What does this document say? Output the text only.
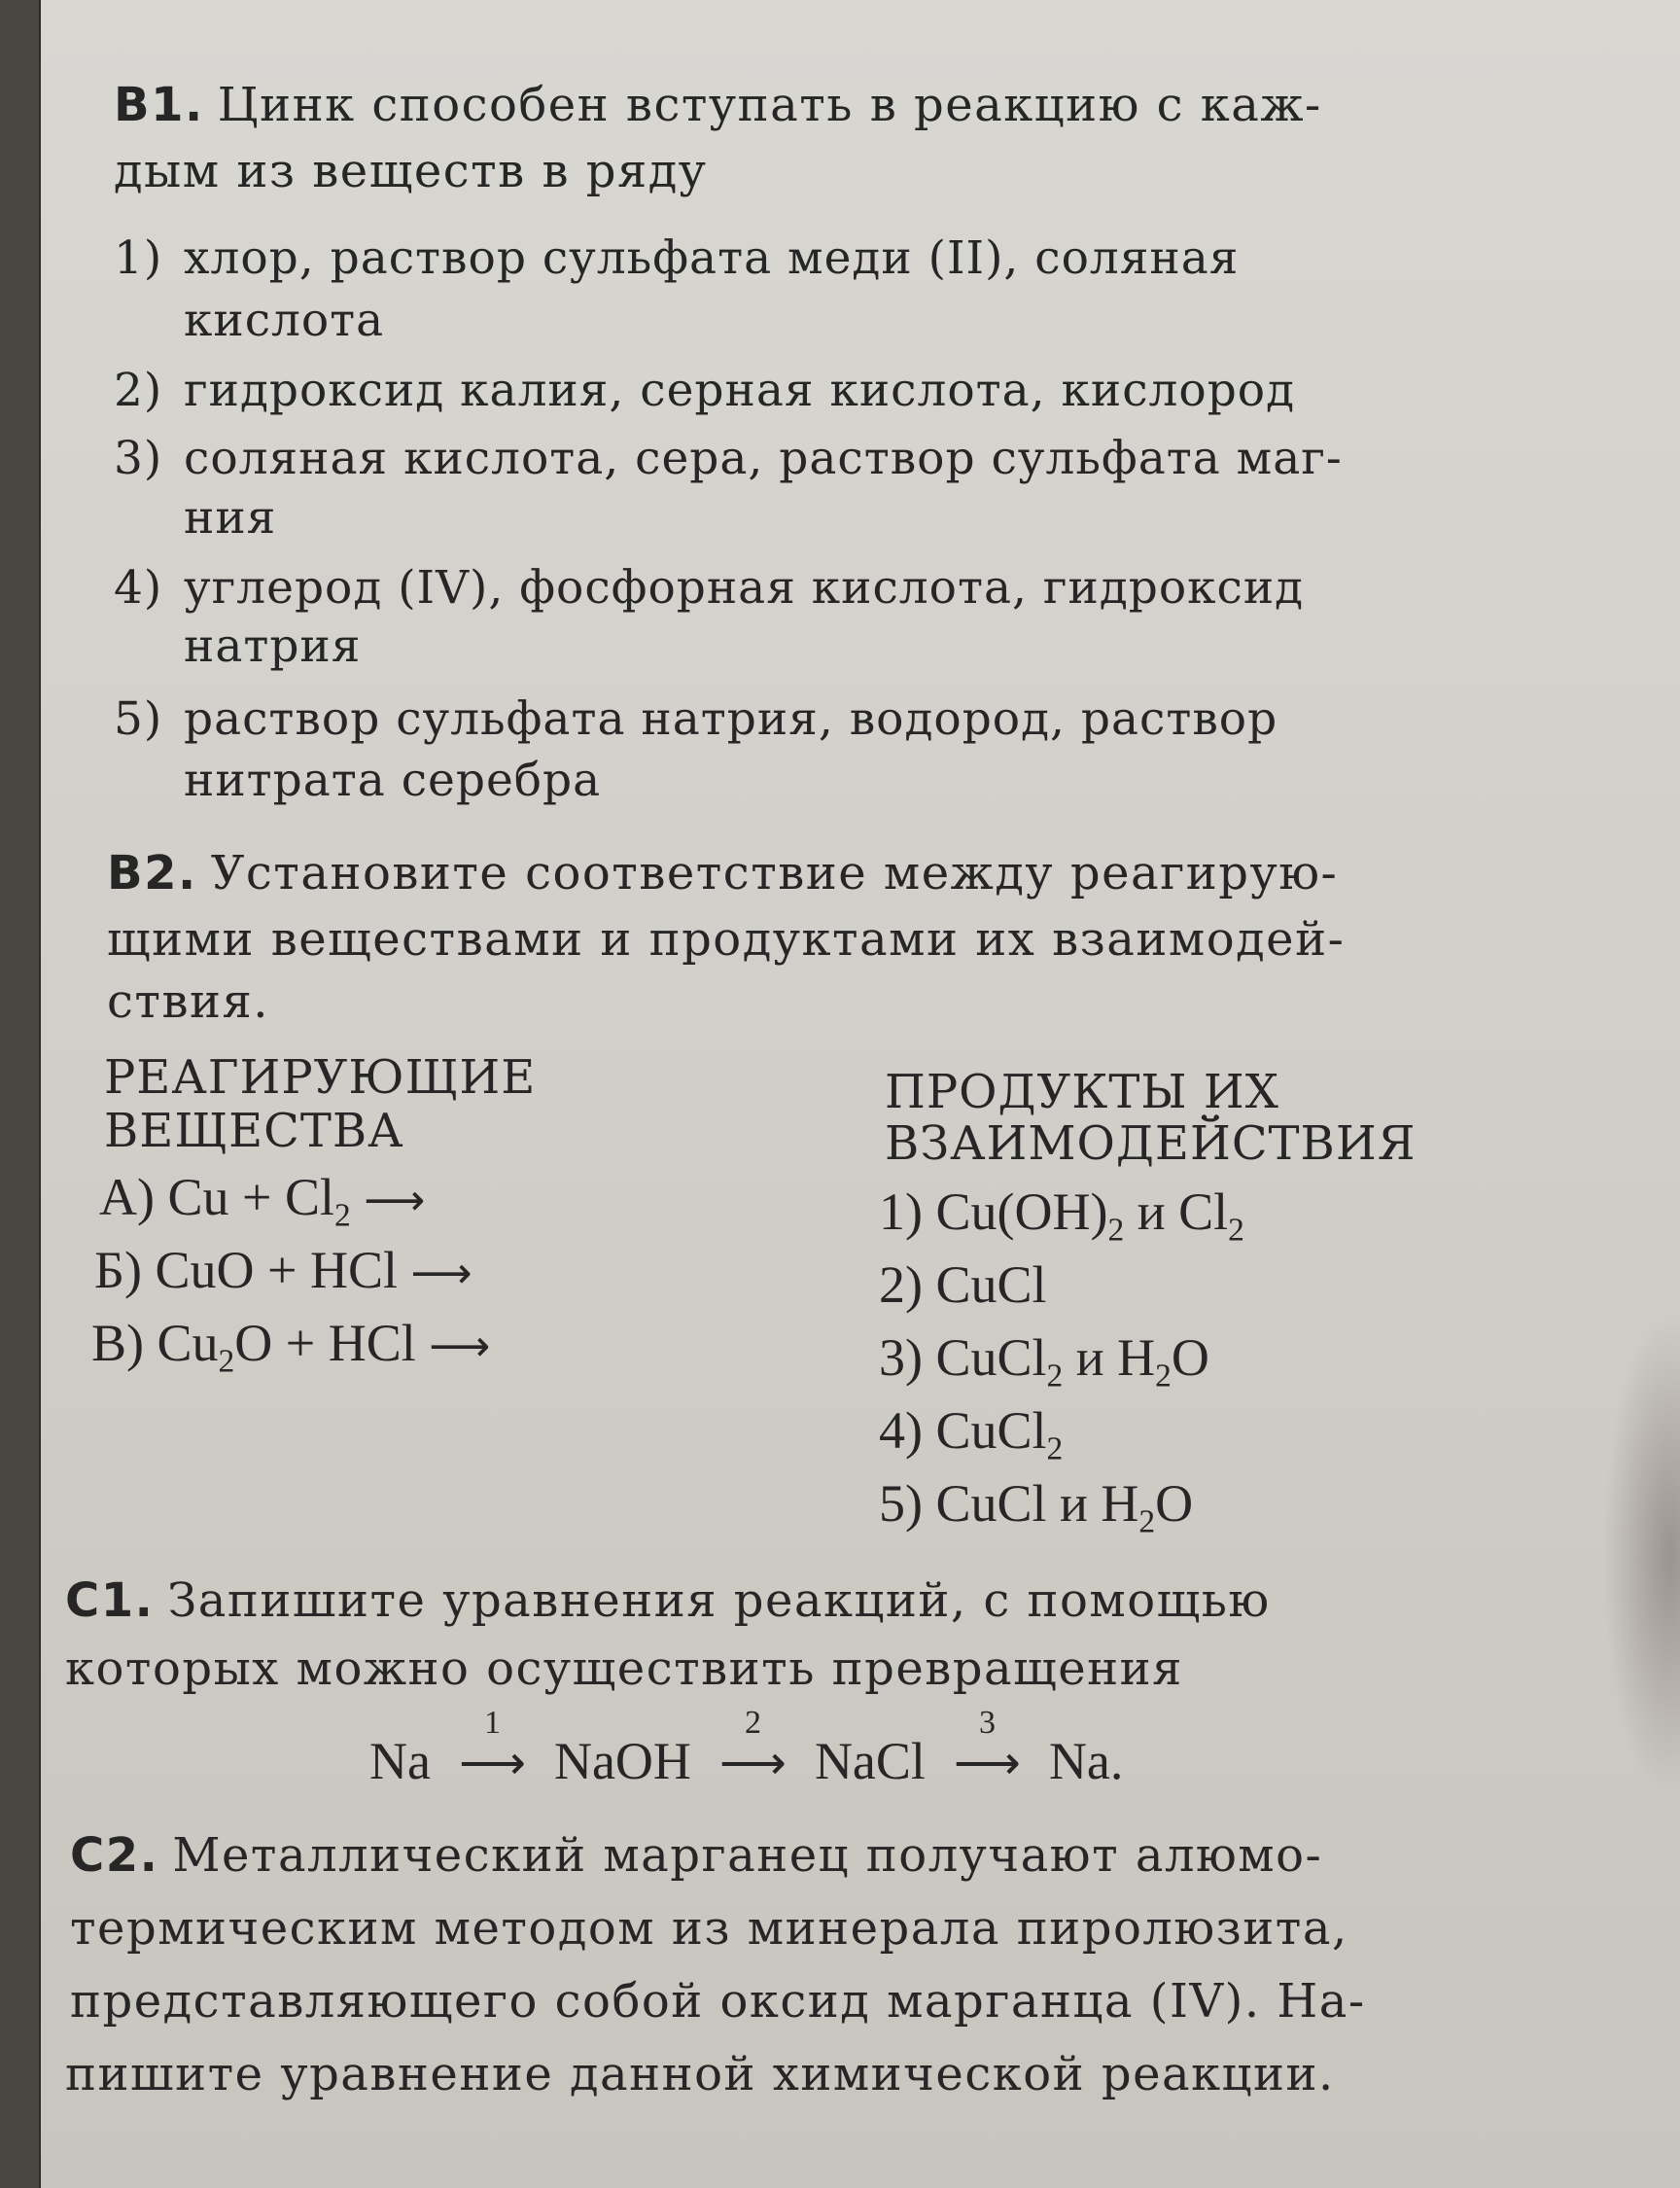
В1. Цинк способен вступать в реакцию с каж-
дым из веществ в ряду
1) хлор, раствор сульфата меди (II), соляная
кислота
2) гидроксид калия, серная кислота, кислород
3) соляная кислота, сера, раствор сульфата маг-
ния
4) углерод (IV), фосфорная кислота, гидроксид
натрия
5) раствор сульфата натрия, водород, раствор
нитрата серебра
В2. Установите соответствие между реагирую-
щими веществами и продуктами их взаимодей-
ствия.
РЕАГИРУЮЩИЕ
ВЕЩЕСТВА
ПРОДУКТЫ ИХ
ВЗАИМОДЕЙСТВИЯ
А) $Cu + Cl_2$ ⟶
Б) CuO + HCl ⟶
В) $Cu_2O$ + HCl ⟶
1) $Cu(OH)_2$ и $Cl_2$
2) CuCl
3) CuCl$_2$ и $H_2O$
4) CuCl$_2$
5) CuCl и $H_2O$
С1. Запишите уравнения реакций, с помощью
которых можно осуществить превращения
Na
1
⟶ NaOH
2
⟶ NaCl
3
⟶ Na.
С2. Металлический марганец получают алюмо-
термическим методом из минерала пиролюзита,
представляющего собой оксид марганца (IV). На-
пишите уравнение данной химической реакции.
